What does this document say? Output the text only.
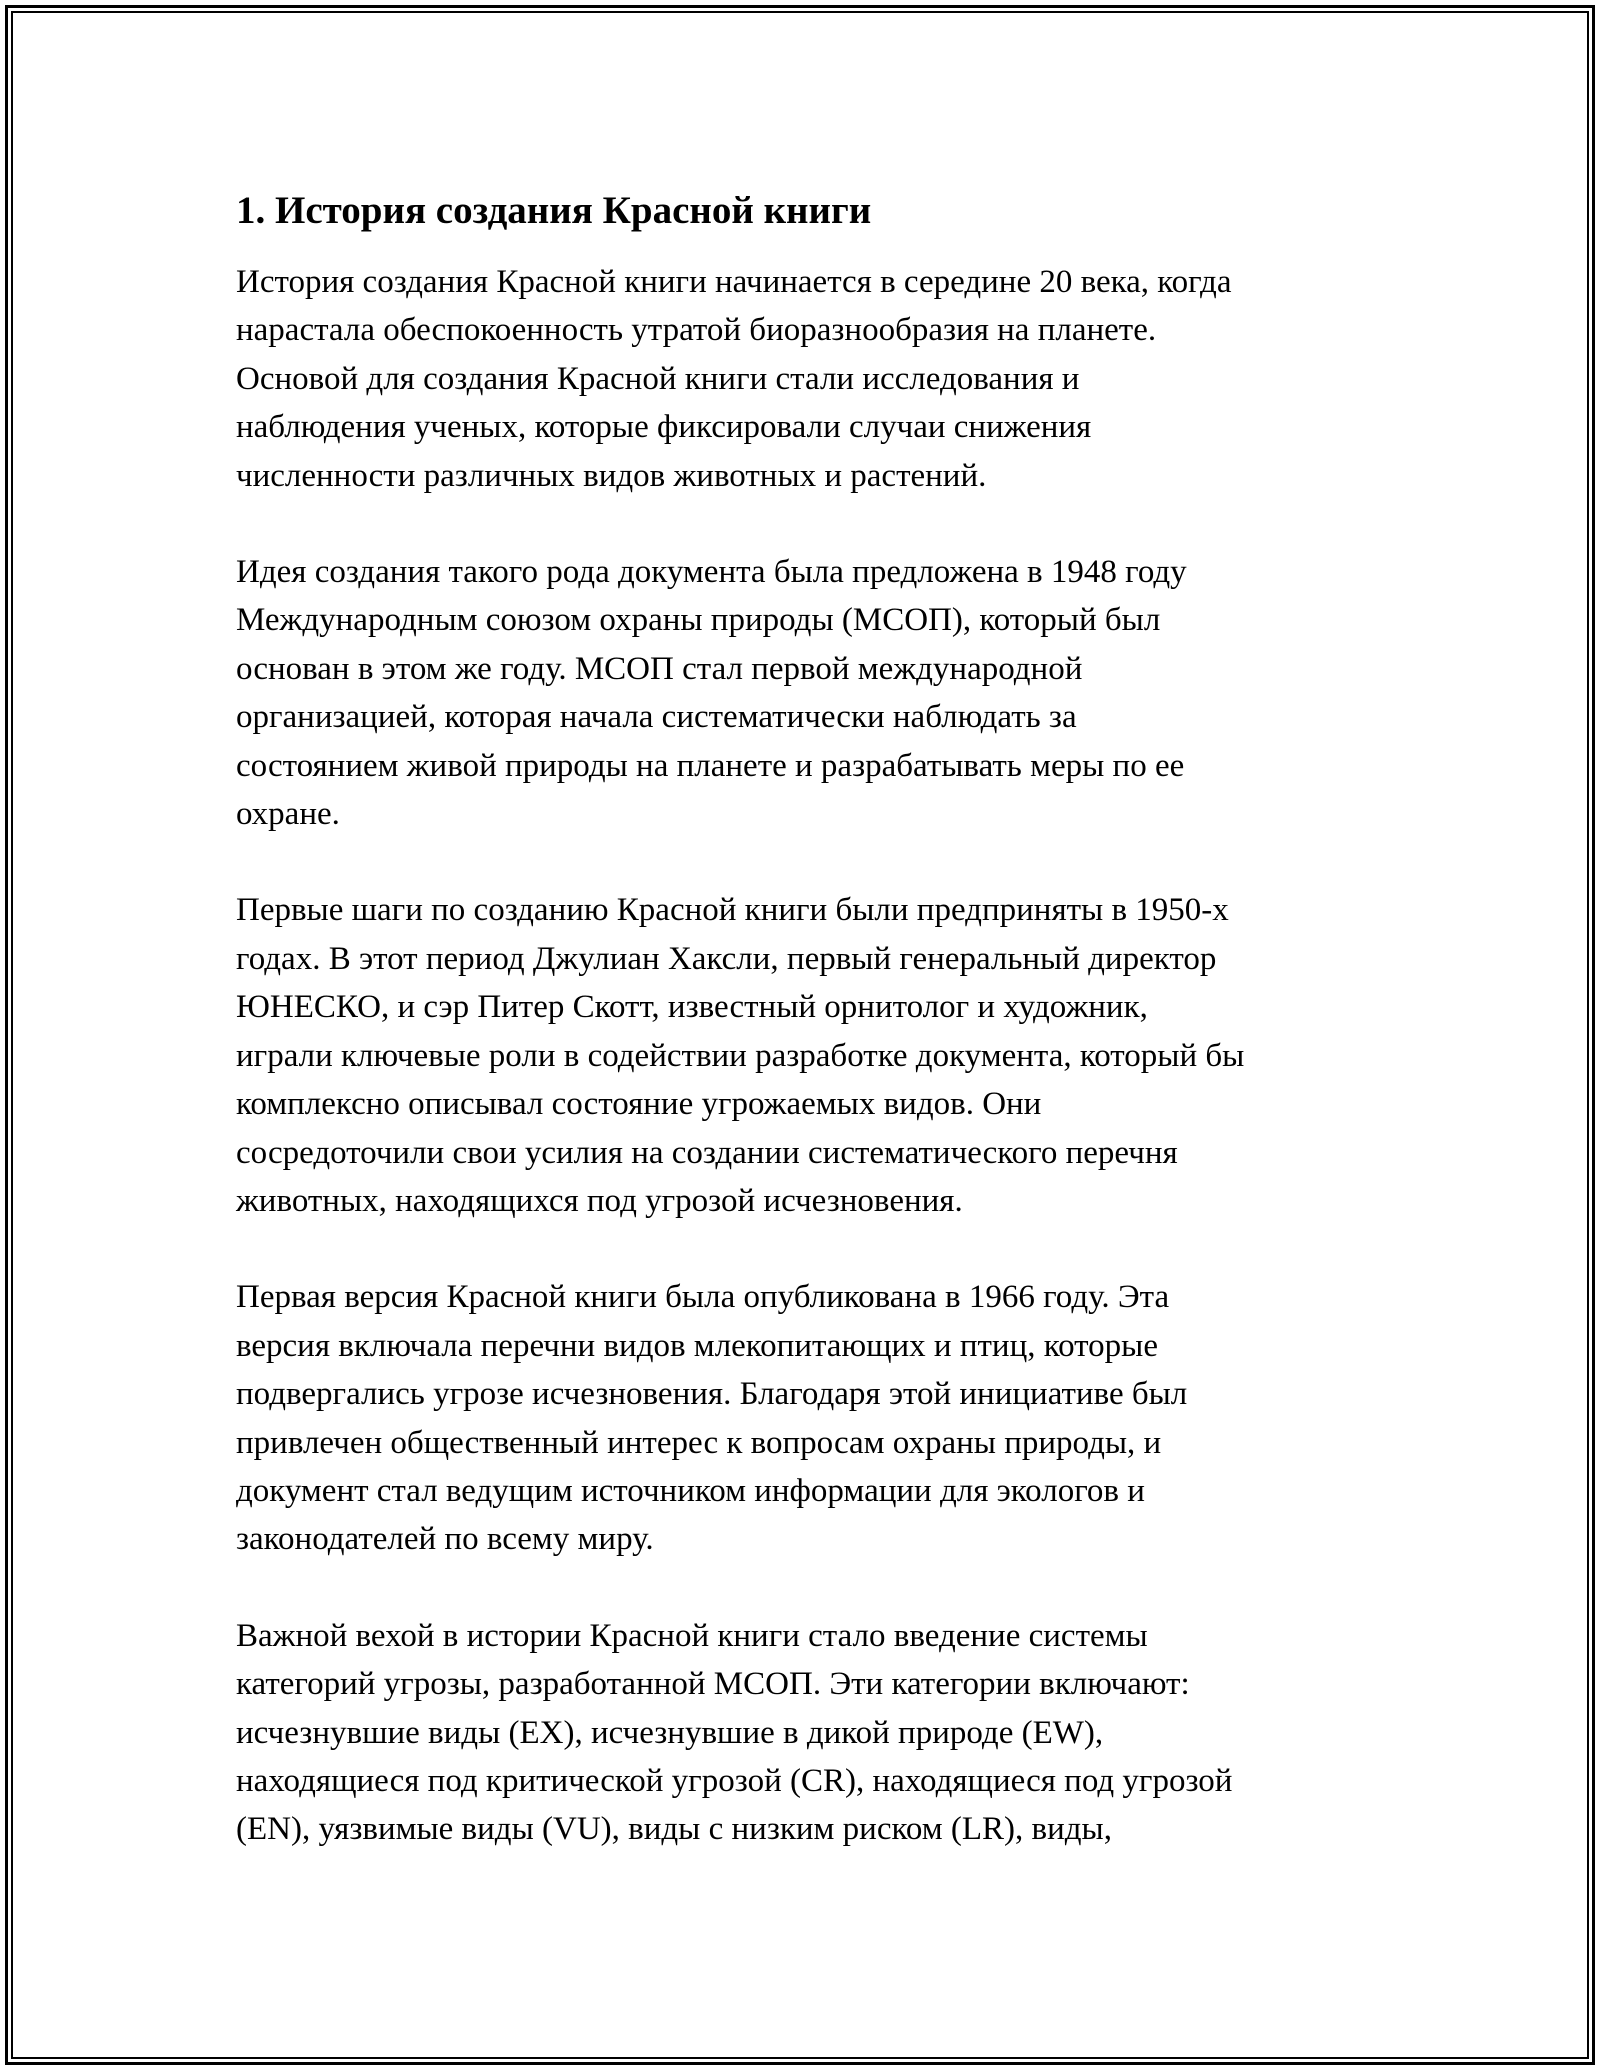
1. История создания Красной книги

История создания Красной книги начинается в середине 20 века, когда
нарастала обеспокоенность утратой биоразнообразия на планете.
Основой для создания Красной книги стали исследования и
наблюдения ученых, которые фиксировали случаи снижения
численности различных видов животных и растений.

Идея создания такого рода документа была предложена в 1948 году
Международным союзом охраны природы (МСОП), который был
основан в этом же году. МСОП стал первой международной
организацией, которая начала систематически наблюдать за
состоянием живой природы на планете и разрабатывать меры по ее
охране.

Первые шаги по созданию Красной книги были предприняты в 1950-х
годах. В этот период Джулиан Хаксли, первый генеральный директор
ЮНЕСКО, и сэр Питер Скотт, известный орнитолог и художник,
играли ключевые роли в содействии разработке документа, который бы
комплексно описывал состояние угрожаемых видов. Они
сосредоточили свои усилия на создании систематического перечня
животных, находящихся под угрозой исчезновения.

Первая версия Красной книги была опубликована в 1966 году. Эта
версия включала перечни видов млекопитающих и птиц, которые
подвергались угрозе исчезновения. Благодаря этой инициативе был
привлечен общественный интерес к вопросам охраны природы, и
документ стал ведущим источником информации для экологов и
законодателей по всему миру.

Важной вехой в истории Красной книги стало введение системы
категорий угрозы, разработанной МСОП. Эти категории включают:
исчезнувшие виды (EX), исчезнувшие в дикой природе (EW),
находящиеся под критической угрозой (CR), находящиеся под угрозой
(EN), уязвимые виды (VU), виды с низким риском (LR), виды,
